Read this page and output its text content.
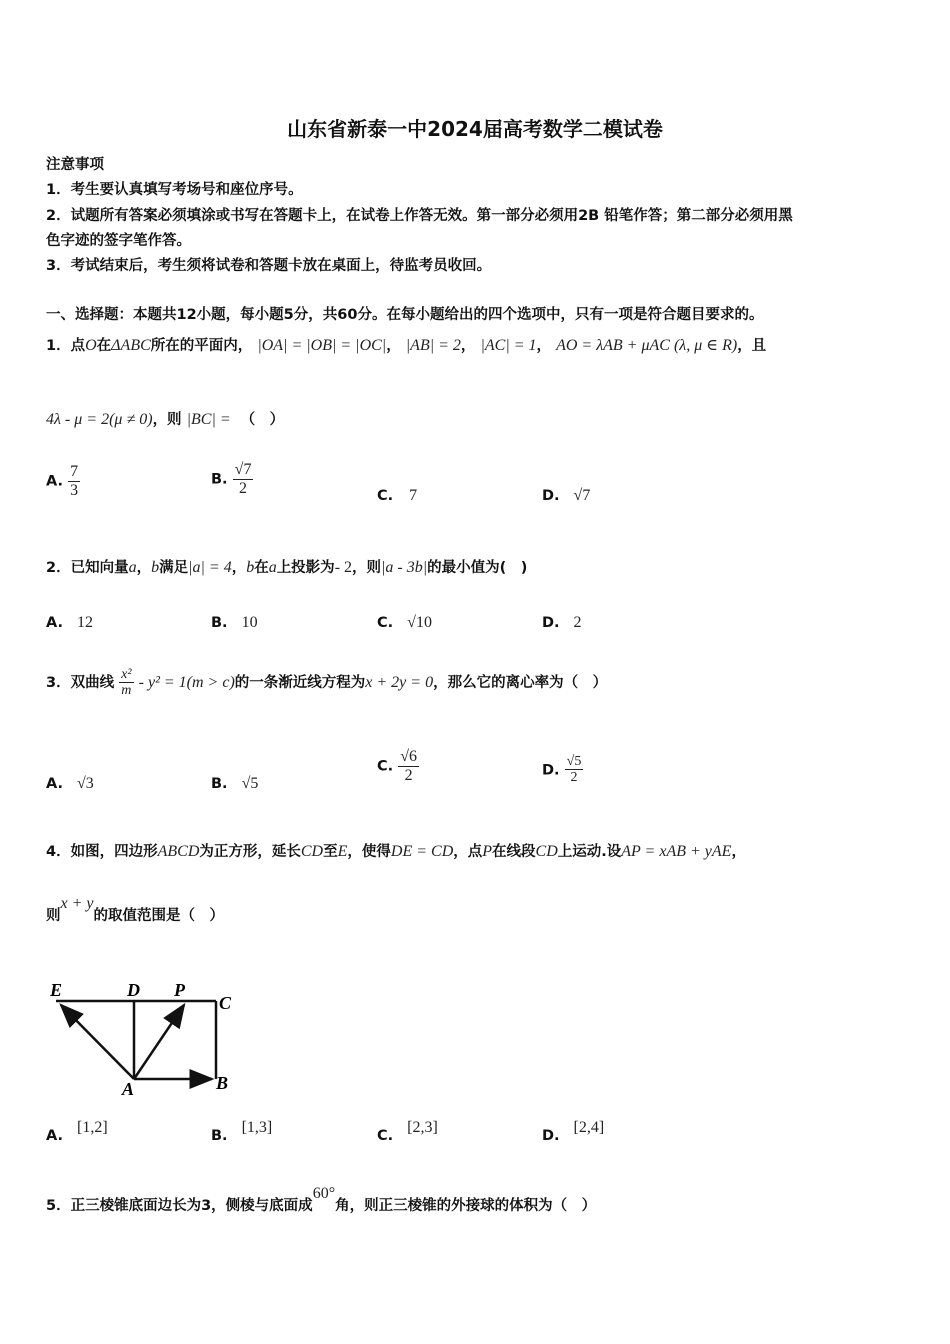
山东省新泰一中2024届高考数学二模试卷
注意事项
1．考生要认真填写考场号和座位序号。
2．试题所有答案必须填涂或书写在答题卡上，在试卷上作答无效。第一部分必须用2B 铅笔作答；第二部分必须用黑
色字迹的签字笔作答。
3．考试结束后，考生须将试卷和答题卡放在桌面上，待监考员收回。
一、选择题：本题共12小题，每小题5分，共60分。在每小题给出的四个选项中，只有一项是符合题目要求的。
1．点O在ΔABC所在的平面内， |OA| = |OB| = |OC|， |AB| = 2， |AC| = 1， AO = λAB + μAC (λ, μ ∈ R)，且
4λ - μ = 2(μ ≠ 0)，则 |BC| = （　）
A. $\frac{7}{3}$	B. $\frac{√7}{2}$	C. 7	D. √7
2．已知向量a，b满足|a| = 4，b在a上投影为- 2，则|a - 3b|的最小值为(　)
A. 12	B. 10	C. √10	D. 2
3．双曲线 $\frac{\text{x²}}{m} - y^2 = 1(m > c)$的一条渐近线方程为x + 2y = 0，那么它的离心率为（　）
A. √3	B. √5
C. $\frac{√6}{2}$	D. $\frac{√5}{2}$
4．如图，四边形ABCD为正方形，延长CD至E，使得DE = CD，点P在线段CD上运动.设AP = xAB + yAE，
则x + y的取值范围是（　）
E	D P
C
A	B
A. [1,2]	B. [1,3]	C. [2,3]	D. [2,4]
5．正三棱锥底面边长为3，侧棱与底面成60°角，则正三棱锥的外接球的体积为（　）
